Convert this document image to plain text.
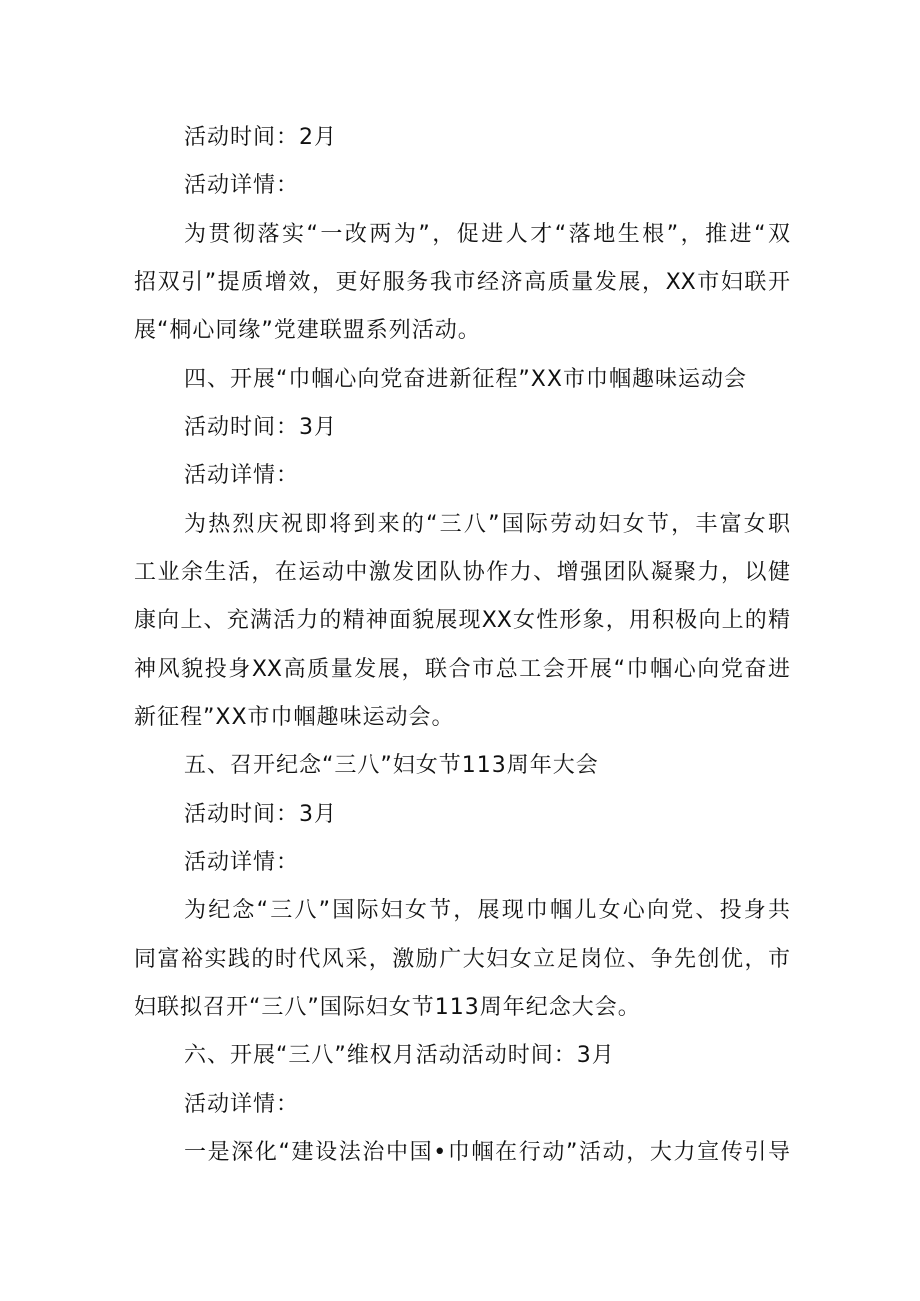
活动时间：2月
活动详情：
为贯彻落实“一改两为”，促进人才“落地生根”，推进“双
招双引”提质增效，更好服务我市经济高质量发展，XX市妇联开
展“桐心同缘”党建联盟系列活动。
四、开展“巾帼心向党奋进新征程”XX市巾帼趣味运动会
活动时间：3月
活动详情：
为热烈庆祝即将到来的“三八”国际劳动妇女节，丰富女职
工业余生活，在运动中激发团队协作力、增强团队凝聚力，以健
康向上、充满活力的精神面貌展现XX女性形象，用积极向上的精
神风貌投身XX高质量发展，联合市总工会开展“巾帼心向党奋进
新征程”XX市巾帼趣味运动会。
五、召开纪念“三八”妇女节113周年大会
活动时间：3月
活动详情：
为纪念“三八”国际妇女节，展现巾帼儿女心向党、投身共
同富裕实践的时代风采，激励广大妇女立足岗位、争先创优，市
妇联拟召开“三八”国际妇女节113周年纪念大会。
六、开展“三八”维权月活动活动时间：3月
活动详情：
一是深化“建设法治中国•巾帼在行动”活动，大力宣传引导
